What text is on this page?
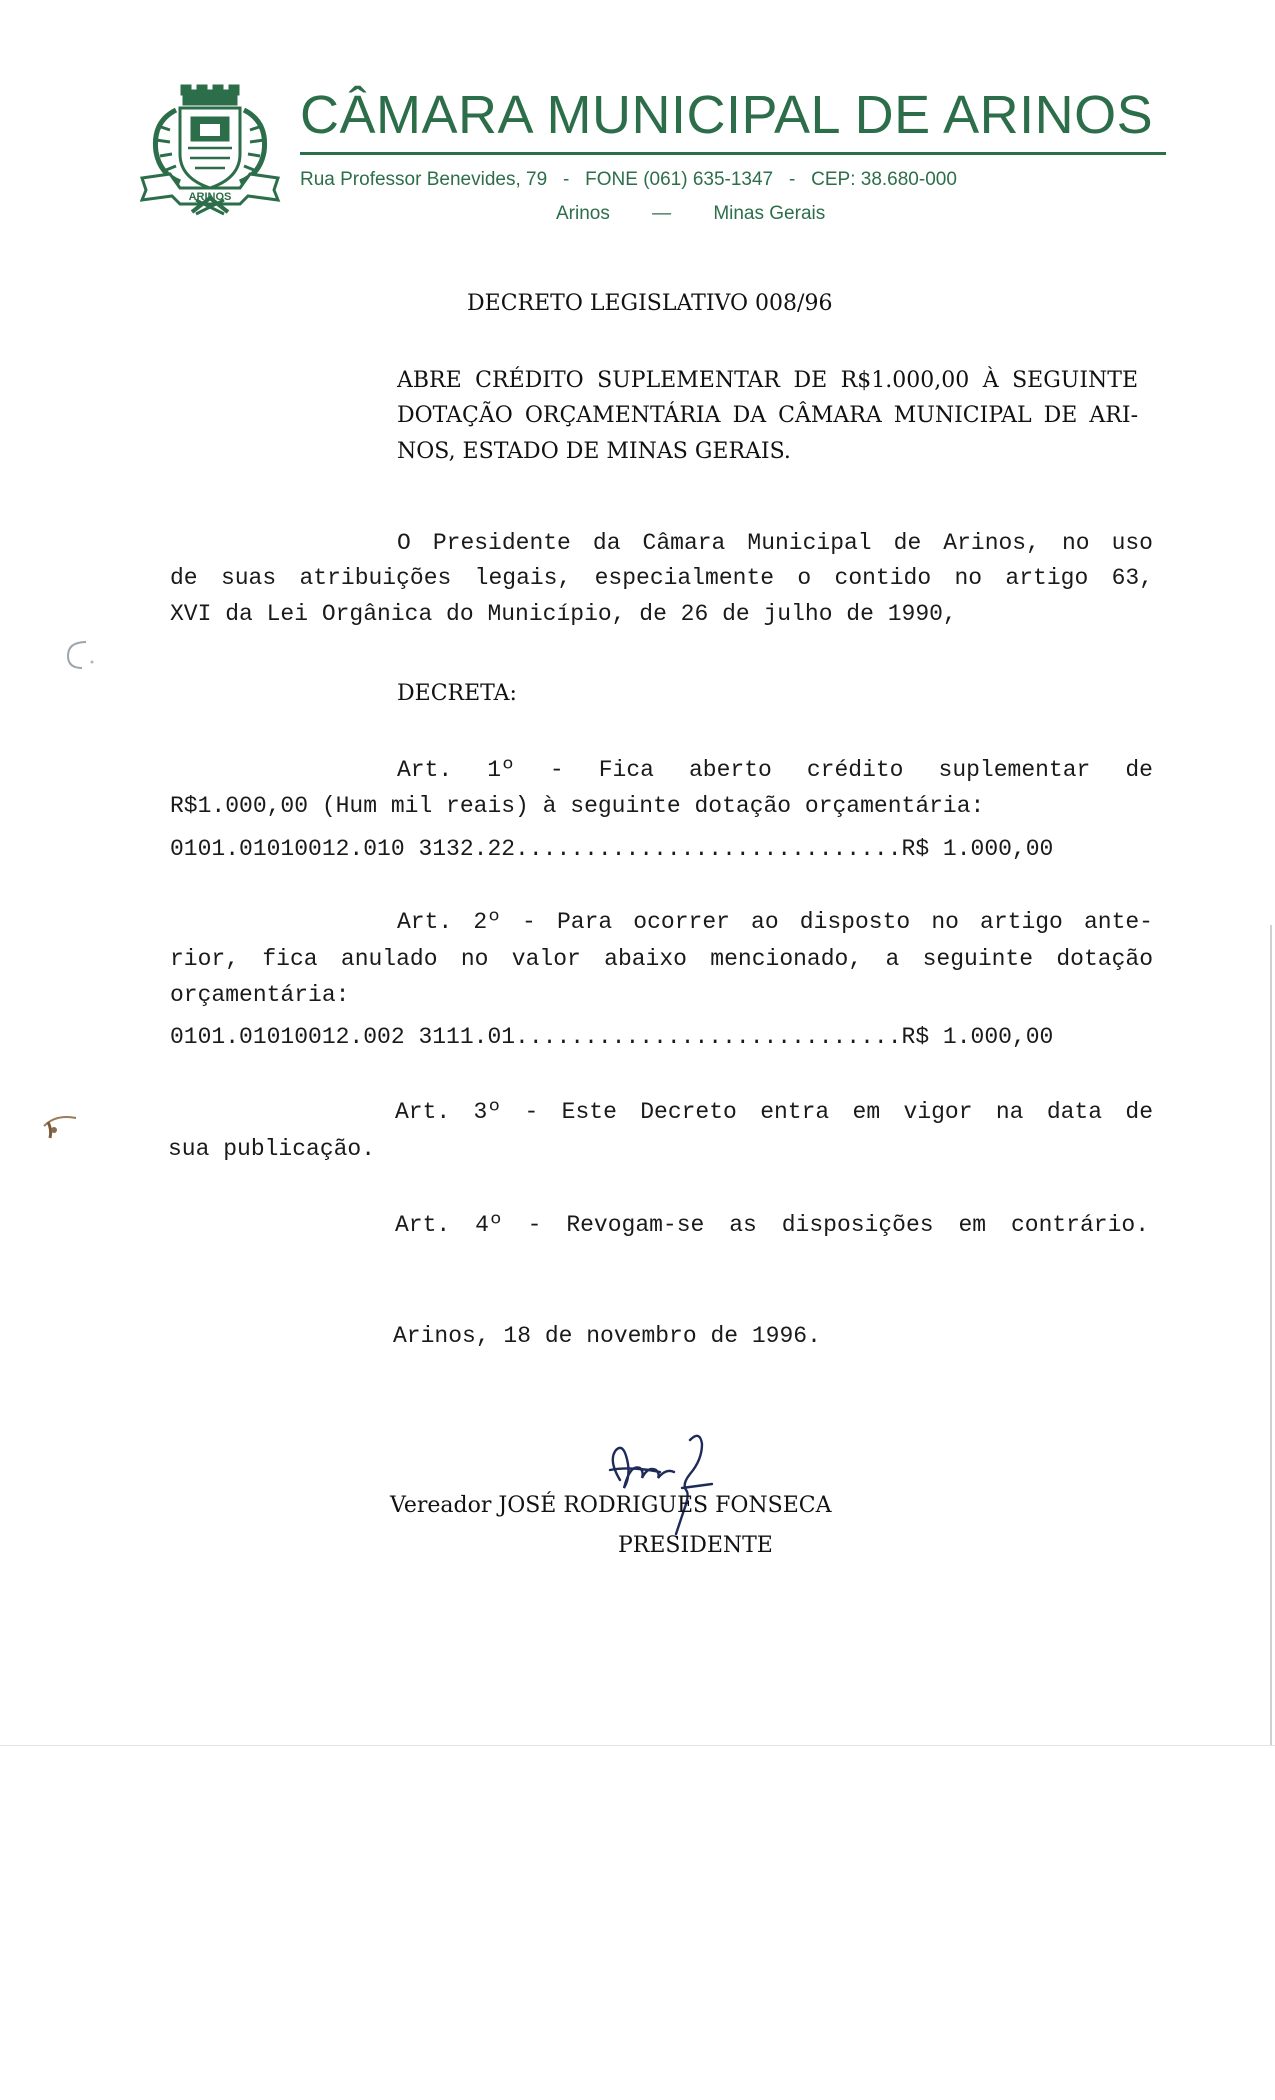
ARINOS
CÂMARA MUNICIPAL DE ARINOS
Rua Professor Benevides, 79   -   FONE (061) 635-1347   -   CEP: 38.680-000
Arinos        —        Minas Gerais
DECRETO LEGISLATIVO 008/96
ABRE CRÉDITO SUPLEMENTAR DE R$1.000,00 À SEGUINTE
DOTAÇÃO ORÇAMENTÁRIA DA CÂMARA MUNICIPAL DE ARI-
NOS, ESTADO DE MINAS GERAIS.
O Presidente da Câmara Municipal de Arinos, no uso
de suas atribuições legais, especialmente o contido no artigo 63,
XVI da Lei Orgânica do Município, de 26 de julho de 1990,
DECRETA:
Art. 1º - Fica aberto crédito suplementar de
R$1.000,00 (Hum mil reais) à seguinte dotação orçamentária:
0101.01010012.010 3132.22............................R$ 1.000,00
Art. 2º - Para ocorrer ao disposto no artigo ante-
rior, fica anulado no valor abaixo mencionado, a seguinte dotação
orçamentária:
0101.01010012.002 3111.01............................R$ 1.000,00
Art. 3º - Este Decreto entra em vigor na data de
sua publicação.
Art. 4º - Revogam-se as disposições em contrário.
Arinos, 18 de novembro de 1996.
Vereador JOSÉ RODRIGUES FONSECA
PRESIDENTE
